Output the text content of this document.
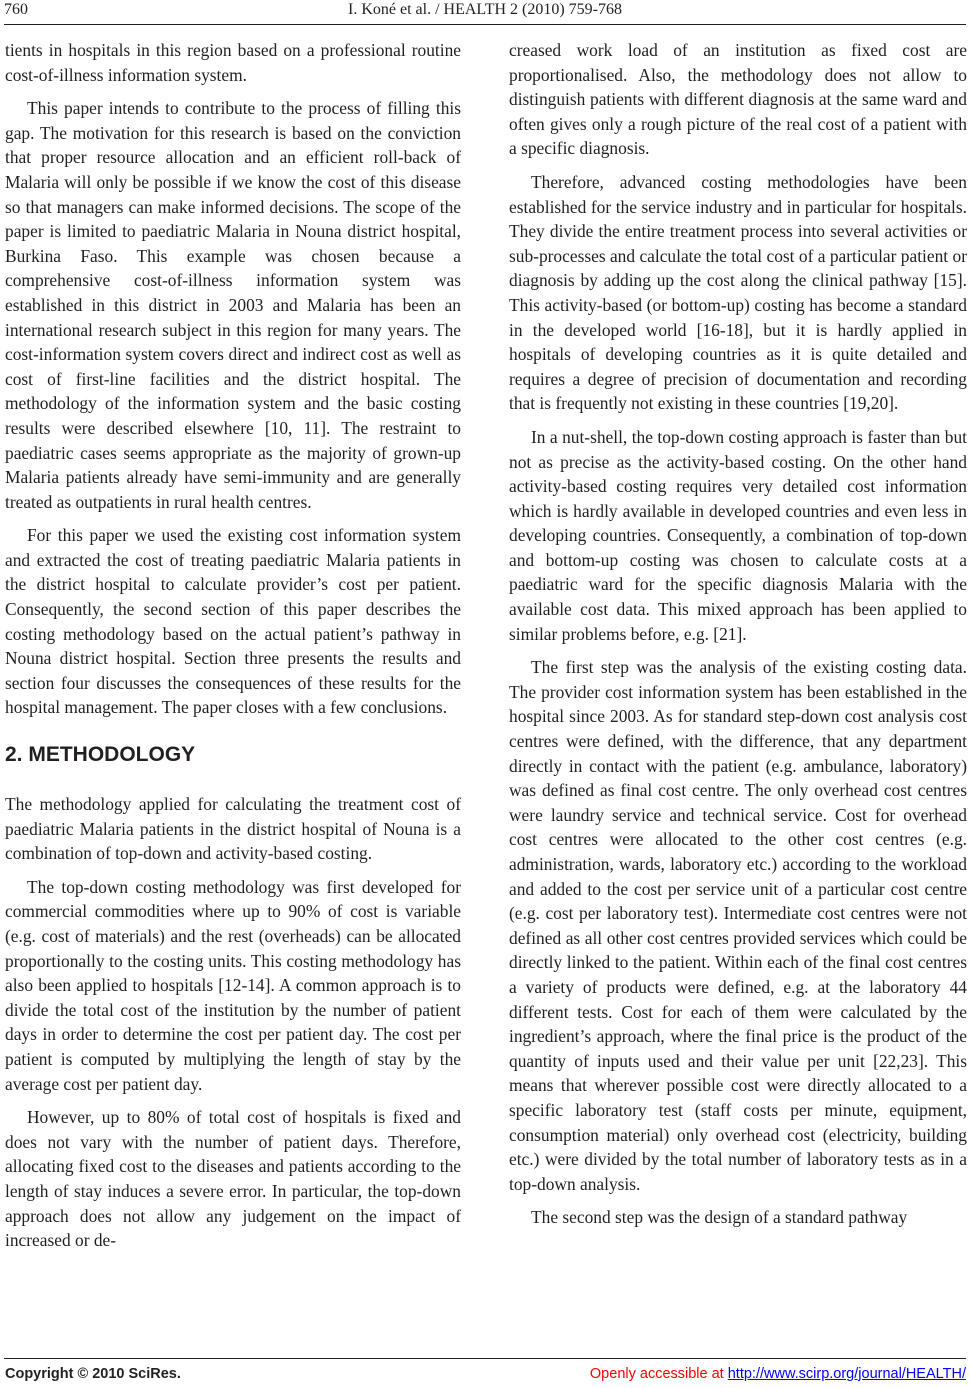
760	I. Koné et al. / HEALTH 2 (2010) 759-768

tients in hospitals in this region based on a professional routine cost-of-illness information system.

This paper intends to contribute to the process of filling this gap. The motivation for this research is based on the conviction that proper resource allocation and an efficient roll-back of Malaria will only be possible if we know the cost of this disease so that managers can make informed decisions. The scope of the paper is limited to paediatric Malaria in Nouna district hospital, Burkina Faso. This example was chosen because a comprehensive cost-of-illness information system was established in this district in 2003 and Malaria has been an international research subject in this region for many years. The cost-information system covers direct and indirect cost as well as cost of first-line facilities and the district hospital. The methodology of the information system and the basic costing results were described elsewhere [10, 11]. The restraint to paediatric cases seems appropriate as the majority of grown-up Malaria patients already have semi-immunity and are generally treated as outpatients in rural health centres.

For this paper we used the existing cost information system and extracted the cost of treating paediatric Malaria patients in the district hospital to calculate provider’s cost per patient. Consequently, the second section of this paper describes the costing methodology based on the actual patient’s pathway in Nouna district hospital. Section three presents the results and section four discusses the consequences of these results for the hospital management. The paper closes with a few conclusions.

2. METHODOLOGY

The methodology applied for calculating the treatment cost of paediatric Malaria patients in the district hospital of Nouna is a combination of top-down and activity-based costing.

The top-down costing methodology was first developed for commercial commodities where up to 90% of cost is variable (e.g. cost of materials) and the rest (overheads) can be allocated proportionally to the costing units. This costing methodology has also been applied to hospitals [12-14]. A common approach is to divide the total cost of the institution by the number of patient days in order to determine the cost per patient day. The cost per patient is computed by multiplying the length of stay by the average cost per patient day.

However, up to 80% of total cost of hospitals is fixed and does not vary with the number of patient days. Therefore, allocating fixed cost to the diseases and patients according to the length of stay induces a severe error. In particular, the top-down approach does not allow any judgement on the impact of increased or de-

creased work load of an institution as fixed cost are proportionalised. Also, the methodology does not allow to distinguish patients with different diagnosis at the same ward and often gives only a rough picture of the real cost of a patient with a specific diagnosis.

Therefore, advanced costing methodologies have been established for the service industry and in particular for hospitals. They divide the entire treatment process into several activities or sub-processes and calculate the total cost of a particular patient or diagnosis by adding up the cost along the clinical pathway [15]. This activity-based (or bottom-up) costing has become a standard in the developed world [16-18], but it is hardly applied in hospitals of developing countries as it is quite detailed and requires a degree of precision of documentation and recording that is frequently not existing in these countries [19,20].

In a nut-shell, the top-down costing approach is faster than but not as precise as the activity-based costing. On the other hand activity-based costing requires very detailed cost information which is hardly available in developed countries and even less in developing countries. Consequently, a combination of top-down and bottom-up costing was chosen to calculate costs at a paediatric ward for the specific diagnosis Malaria with the available cost data. This mixed approach has been applied to similar problems before, e.g. [21].

The first step was the analysis of the existing costing data. The provider cost information system has been established in the hospital since 2003. As for standard step-down cost analysis cost centres were defined, with the difference, that any department directly in contact with the patient (e.g. ambulance, laboratory) was defined as final cost centre. The only overhead cost centres were laundry service and technical service. Cost for overhead cost centres were allocated to the other cost centres (e.g. administration, wards, laboratory etc.) according to the workload and added to the cost per service unit of a particular cost centre (e.g. cost per laboratory test). Intermediate cost centres were not defined as all other cost centres provided services which could be directly linked to the patient. Within each of the final cost centres a variety of products were defined, e.g. at the laboratory 44 different tests. Cost for each of them were calculated by the ingredient’s approach, where the final price is the product of the quantity of inputs used and their value per unit [22,23]. This means that wherever possible cost were directly allocated to a specific laboratory test (staff costs per minute, equipment, consumption material) only overhead cost (electricity, building etc.) were divided by the total number of laboratory tests as in a top-down analysis.

The second step was the design of a standard pathway

Copyright © 2010 SciRes.	Openly accessible at http://www.scirp.org/journal/HEALTH/
